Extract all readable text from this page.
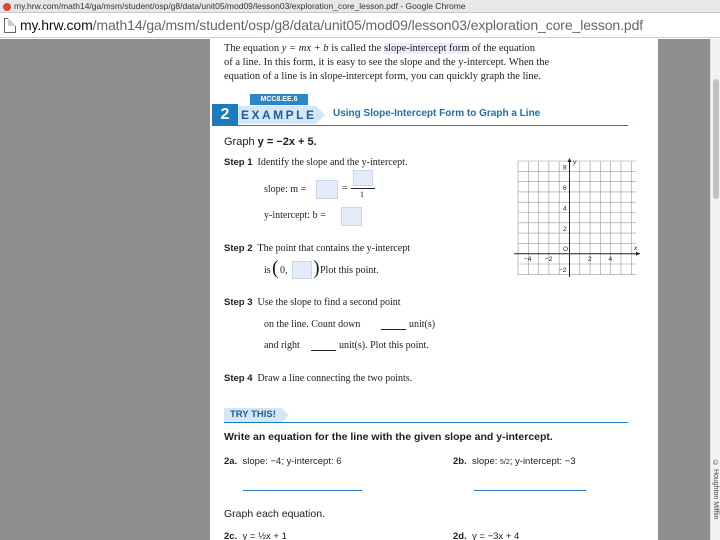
my.hrw.com/math14/ga/msm/student/osp/g8/data/unit05/mod09/lesson03/exploration_core_lesson.pdf - Google Chrome
my.hrw.com/math14/ga/msm/student/osp/g8/data/unit05/mod09/lesson03/exploration_core_lesson.pdf
© Houghton Mifflin
The equation y = mx + b is called the slope-intercept form of the equation
of a line. In this form, it is easy to see the slope and the y-intercept. When the
equation of a line is in slope-intercept form, you can quickly graph the line.
MCC8.EE.6
2 EXAMPLE Using Slope-Intercept Form to Graph a Line
Graph y = −2x + 5.
Step 1 Identify the slope and the y-intercept.
slope: m =	=
1
y-intercept: b =
Step 2 The point that contains the y-intercept
is ( 0, ) Plot this point.
Step 3 Use the slope to find a second point
on the line. Count down	unit(s)
and right	unit(s). Plot this point.
Step 4 Draw a line connecting the two points.
y
x
8
6
4
2
−2
−4 −2	2	4
O
TRY THIS!
Write an equation for the line with the given slope and y-intercept.
2a. slope: −4; y-intercept: 6	2b. slope: 5/2; y-intercept: −3
Graph each equation.
2c. y = ½x + 1	2d. y = −3x + 4
